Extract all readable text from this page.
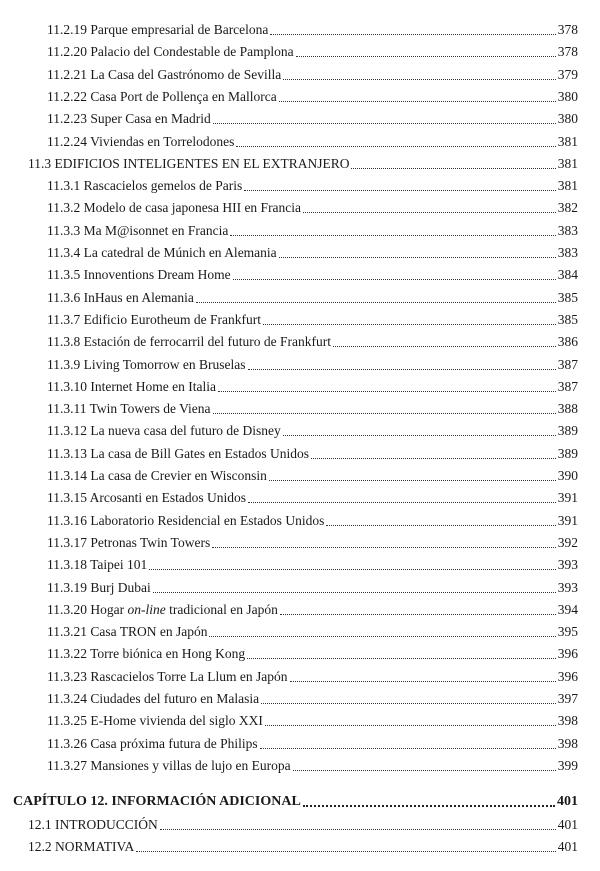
11.2.19 Parque empresarial de Barcelona	378
11.2.20 Palacio del Condestable de Pamplona	378
11.2.21 La Casa del Gastrónomo de Sevilla	379
11.2.22 Casa Port de Pollença en Mallorca	380
11.2.23 Super Casa en Madrid	380
11.2.24 Viviendas en Torrelodones	381
11.3 EDIFICIOS INTELIGENTES EN EL EXTRANJERO	381
11.3.1 Rascacielos gemelos de Paris	381
11.3.2 Modelo de casa japonesa HII en Francia	382
11.3.3 Ma M@isonnet en Francia	383
11.3.4 La catedral de Múnich en Alemania	383
11.3.5 Innoventions Dream Home	384
11.3.6 InHaus en Alemania	385
11.3.7 Edificio Eurotheum de Frankfurt	385
11.3.8 Estación de ferrocarril del futuro de Frankfurt	386
11.3.9 Living Tomorrow en Bruselas	387
11.3.10 Internet Home en Italia	387
11.3.11 Twin Towers de Viena	388
11.3.12 La nueva casa del futuro de Disney	389
11.3.13 La casa de Bill Gates en Estados Unidos	389
11.3.14 La casa de Crevier en Wisconsin	390
11.3.15 Arcosanti en Estados Unidos	391
11.3.16 Laboratorio Residencial en Estados Unidos	391
11.3.17 Petronas Twin Towers	392
11.3.18 Taipei 101	393
11.3.19 Burj Dubai	393
11.3.20 Hogar on-line tradicional en Japón	394
11.3.21 Casa TRON en Japón	395
11.3.22 Torre biónica en Hong Kong	396
11.3.23 Rascacielos Torre La Llum en Japón	396
11.3.24 Ciudades del futuro en Malasia	397
11.3.25 E-Home vivienda del siglo XXI	398
11.3.26 Casa próxima futura de Philips	398
11.3.27 Mansiones y villas de lujo en Europa	399
CAPÍTULO 12. INFORMACIÓN ADICIONAL	401
12.1 INTRODUCCIÓN	401
12.2 NORMATIVA	401
